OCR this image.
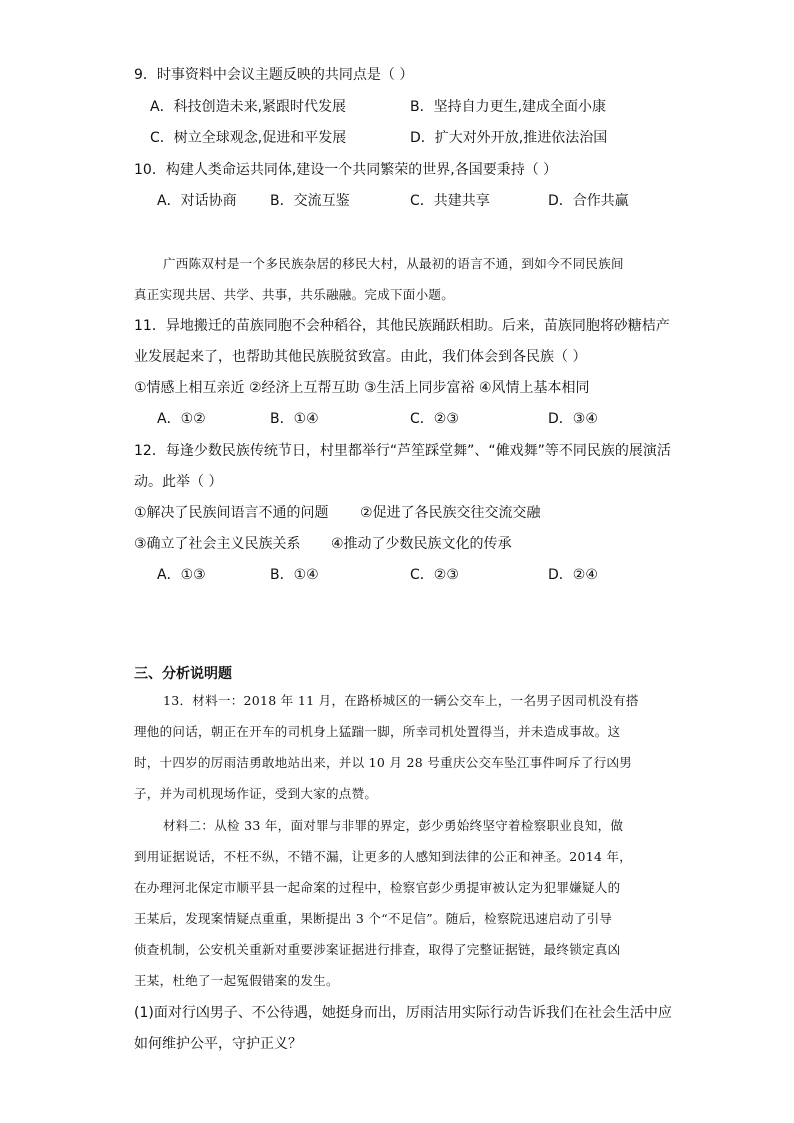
9．时事资料中会议主题反映的共同点是（ ）
A．科技创造未来,紧跟时代发展	B．坚持自力更生,建成全面小康
C．树立全球观念,促进和平发展	D．扩大对外开放,推进依法治国
10．构建人类命运共同体,建设一个共同繁荣的世界,各国要秉持（ ）
A．对话协商 B．交流互鉴	C．共建共享	D．合作共赢
广西陈双村是一个多民族杂居的移民大村，从最初的语言不通，到如今不同民族间
真正实现共居、共学、共事，共乐融融。完成下面小题。
11．异地搬迁的苗族同胞不会种稻谷，其他民族踊跃相助。后来，苗族同胞将砂糖桔产
业发展起来了，也帮助其他民族脱贫致富。由此，我们体会到各民族（ ）
①情感上相互亲近 ②经济上互帮互助 ③生活上同步富裕 ④风情上基本相同
A．①②	B．①④	C．②③	D．③④
12．每逢少数民族传统节日，村里都举行“芦笙踩堂舞”、“傩戏舞”等不同民族的展演活
动。此举（ ）
①解决了民族间语言不通的问题 ②促进了各民族交往交流交融
③确立了社会主义民族关系 ④推动了少数民族文化的传承
A．①③	B．①④	C．②③	D．②④
三、分析说明题
13．材料一：2018 年 11 月，在路桥城区的一辆公交车上，一名男子因司机没有搭
理他的问话，朝正在开车的司机身上猛踹一脚，所幸司机处置得当，并未造成事故。这
时，十四岁的厉雨洁勇敢地站出来，并以 10 月 28 号重庆公交车坠江事件呵斥了行凶男
子，并为司机现场作证，受到大家的点赞。
材料二：从检 33 年，面对罪与非罪的界定，彭少勇始终坚守着检察职业良知，做
到用证据说话，不枉不纵，不错不漏，让更多的人感知到法律的公正和神圣。2014 年，
在办理河北保定市顺平县一起命案的过程中，检察官彭少勇提审被认定为犯罪嫌疑人的
王某后，发现案情疑点重重，果断提出 3 个“不足信”。随后，检察院迅速启动了引导
侦查机制，公安机关重新对重要涉案证据进行排查，取得了完整证据链，最终锁定真凶
王某，杜绝了一起冤假错案的发生。
(1)面对行凶男子、不公待遇，她挺身而出，厉雨洁用实际行动告诉我们在社会生活中应
如何维护公平，守护正义？
